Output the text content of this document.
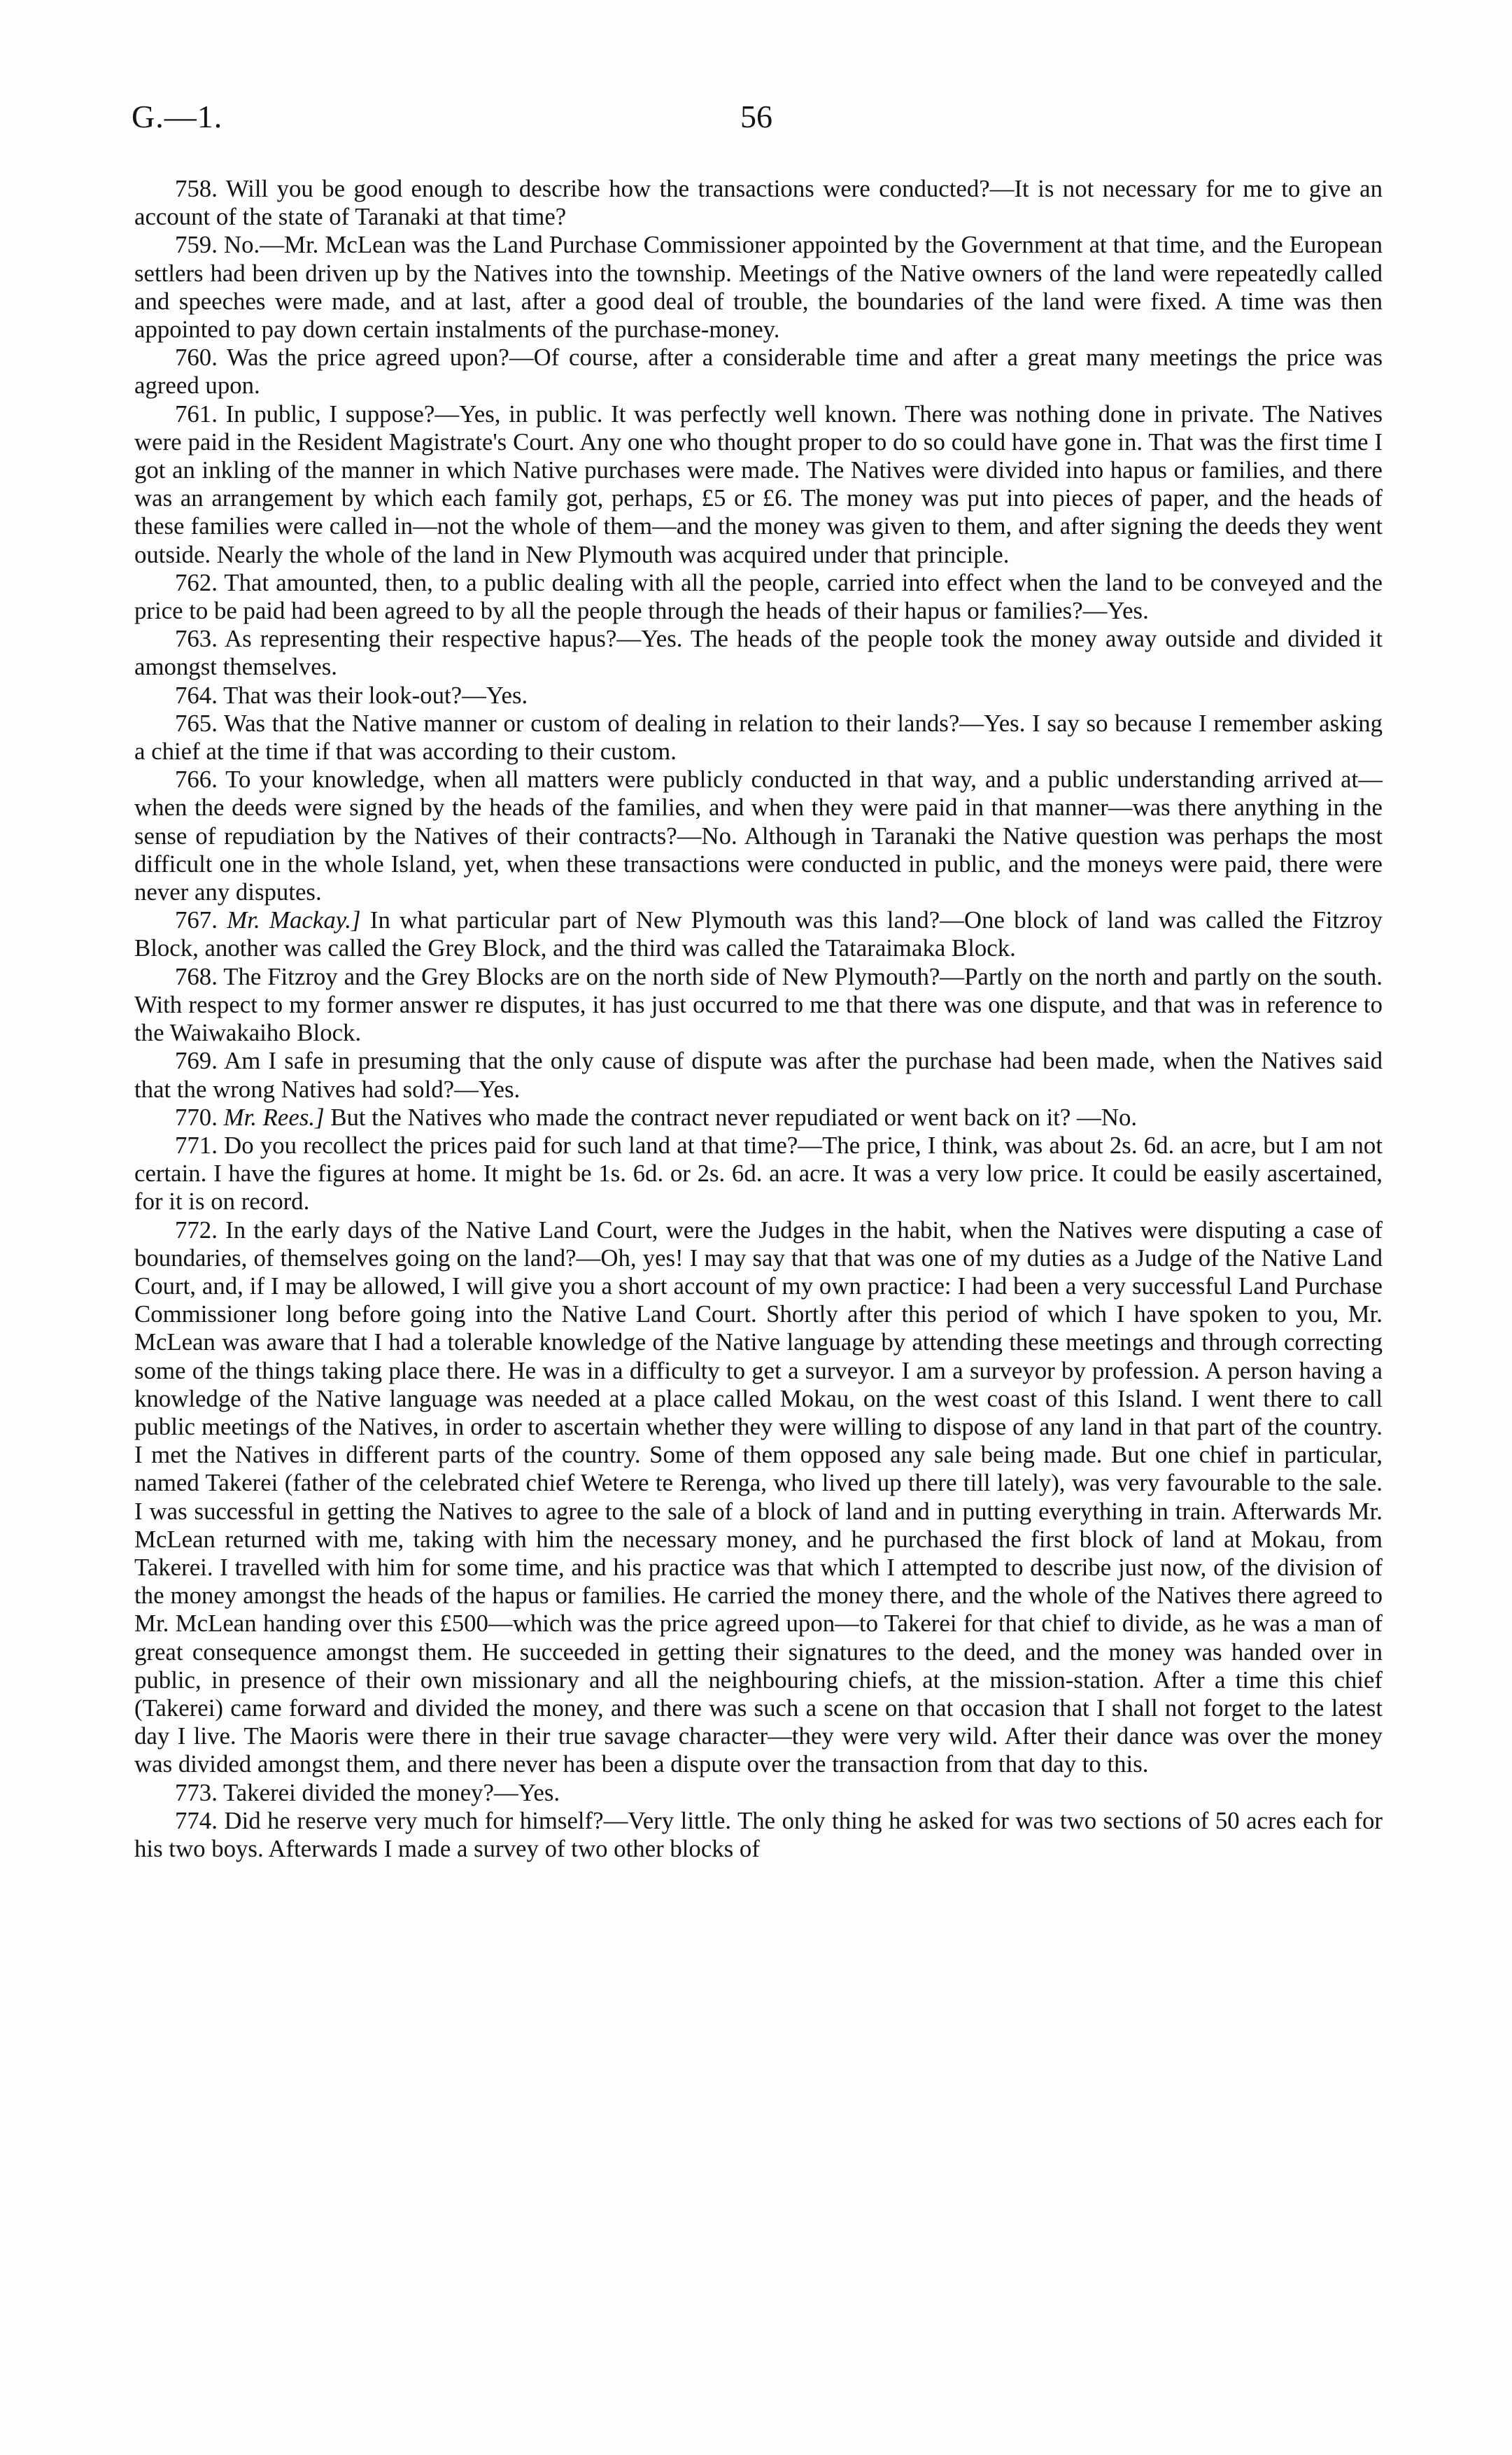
G.—1.	56

758. Will you be good enough to describe how the transactions were conducted?—It is not necessary for me to give an account of the state of Taranaki at that time?

759. No.—Mr. McLean was the Land Purchase Commissioner appointed by the Government at that time, and the European settlers had been driven up by the Natives into the township. Meetings of the Native owners of the land were repeatedly called and speeches were made, and at last, after a good deal of trouble, the boundaries of the land were fixed. A time was then appointed to pay down certain instalments of the purchase-money.

760. Was the price agreed upon?—Of course, after a considerable time and after a great many meetings the price was agreed upon.

761. In public, I suppose?—Yes, in public. It was perfectly well known. There was nothing done in private. The Natives were paid in the Resident Magistrate's Court. Any one who thought proper to do so could have gone in. That was the first time I got an inkling of the manner in which Native purchases were made. The Natives were divided into hapus or families, and there was an arrangement by which each family got, perhaps, £5 or £6. The money was put into pieces of paper, and the heads of these families were called in—not the whole of them—and the money was given to them, and after signing the deeds they went outside. Nearly the whole of the land in New Plymouth was acquired under that principle.

762. That amounted, then, to a public dealing with all the people, carried into effect when the land to be conveyed and the price to be paid had been agreed to by all the people through the heads of their hapus or families?—Yes.

763. As representing their respective hapus?—Yes. The heads of the people took the money away outside and divided it amongst themselves.

764. That was their look-out?—Yes.

765. Was that the Native manner or custom of dealing in relation to their lands?—Yes. I say so because I remember asking a chief at the time if that was according to their custom.

766. To your knowledge, when all matters were publicly conducted in that way, and a public understanding arrived at—when the deeds were signed by the heads of the families, and when they were paid in that manner—was there anything in the sense of repudiation by the Natives of their contracts?—No. Although in Taranaki the Native question was perhaps the most difficult one in the whole Island, yet, when these transactions were conducted in public, and the moneys were paid, there were never any disputes.

767. Mr. Mackay.] In what particular part of New Plymouth was this land?—One block of land was called the Fitzroy Block, another was called the Grey Block, and the third was called the Tataraimaka Block.

768. The Fitzroy and the Grey Blocks are on the north side of New Plymouth?—Partly on the north and partly on the south. With respect to my former answer re disputes, it has just occurred to me that there was one dispute, and that was in reference to the Waiwakaiho Block.

769. Am I safe in presuming that the only cause of dispute was after the purchase had been made, when the Natives said that the wrong Natives had sold?—Yes.

770. Mr. Rees.] But the Natives who made the contract never repudiated or went back on it? —No.

771. Do you recollect the prices paid for such land at that time?—The price, I think, was about 2s. 6d. an acre, but I am not certain. I have the figures at home. It might be 1s. 6d. or 2s. 6d. an acre. It was a very low price. It could be easily ascertained, for it is on record.

772. In the early days of the Native Land Court, were the Judges in the habit, when the Natives were disputing a case of boundaries, of themselves going on the land?—Oh, yes! I may say that that was one of my duties as a Judge of the Native Land Court, and, if I may be allowed, I will give you a short account of my own practice: I had been a very successful Land Purchase Commissioner long before going into the Native Land Court. Shortly after this period of which I have spoken to you, Mr. McLean was aware that I had a tolerable knowledge of the Native language by attending these meetings and through correcting some of the things taking place there. He was in a difficulty to get a surveyor. I am a surveyor by profession. A person having a knowledge of the Native language was needed at a place called Mokau, on the west coast of this Island. I went there to call public meetings of the Natives, in order to ascertain whether they were willing to dispose of any land in that part of the country. I met the Natives in different parts of the country. Some of them opposed any sale being made. But one chief in particular, named Takerei (father of the celebrated chief Wetere te Rerenga, who lived up there till lately), was very favourable to the sale. I was successful in getting the Natives to agree to the sale of a block of land and in putting everything in train. Afterwards Mr. McLean returned with me, taking with him the necessary money, and he purchased the first block of land at Mokau, from Takerei. I travelled with him for some time, and his practice was that which I attempted to describe just now, of the division of the money amongst the heads of the hapus or families. He carried the money there, and the whole of the Natives there agreed to Mr. McLean handing over this £500—which was the price agreed upon—to Takerei for that chief to divide, as he was a man of great consequence amongst them. He succeeded in getting their signatures to the deed, and the money was handed over in public, in presence of their own missionary and all the neighbouring chiefs, at the mission-station. After a time this chief (Takerei) came forward and divided the money, and there was such a scene on that occasion that I shall not forget to the latest day I live. The Maoris were there in their true savage character—they were very wild. After their dance was over the money was divided amongst them, and there never has been a dispute over the transaction from that day to this.

773. Takerei divided the money?—Yes.

774. Did he reserve very much for himself?—Very little. The only thing he asked for was two sections of 50 acres each for his two boys. Afterwards I made a survey of two other blocks of
